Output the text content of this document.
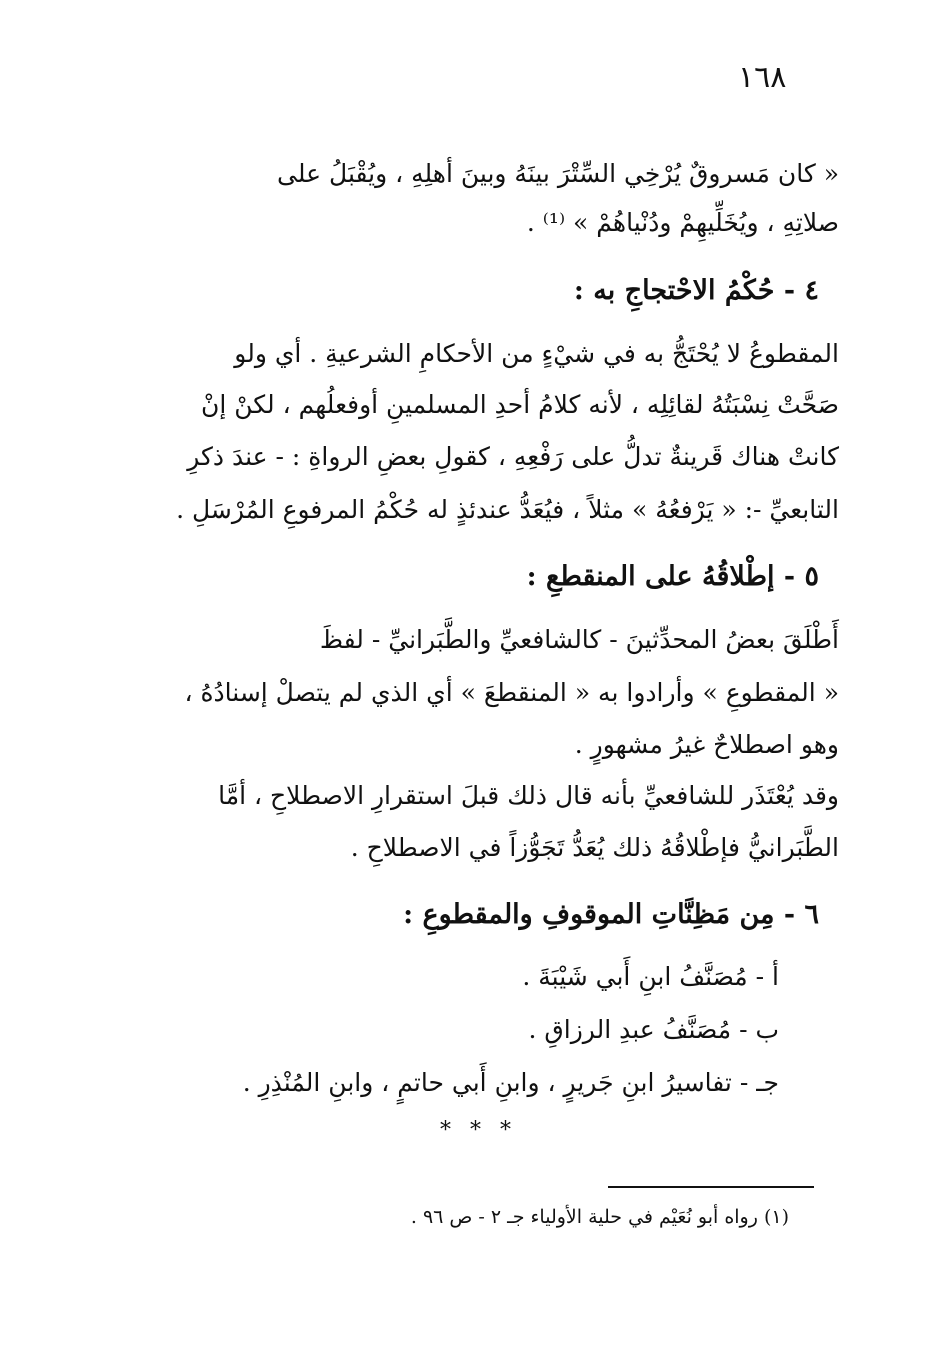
١٦٨
« كان مَسروقٌ يُرْخِي السِّتْرَ بينَهُ وبينَ أهلِهِ ، ويُقْبَلُ على
صلاتِهِ ، ويُخَلِّيهِمْ ودُنْياهُمْ » ⁽¹⁾ .
٤ - حُكْمُ الاحْتجاجِ به :
المقطوعُ لا يُحْتَجُّ به في شيْءٍ من الأحكامِ الشرعيةِ . أي ولو
صَحَّتْ نِسْبَتُهُ لقائِلِه ، لأنه كلامُ أحدِ المسلمينِ أوفعلُهم ، لكنْ إنْ
كانتْ هناك قَرينةٌ تدلُّ على رَفْعِهِ ، كقولِ بعضِ الرواةِ : - عندَ ذكرِ
التابعيِّ -: « يَرْفعُهُ » مثلاً ، فيُعَدُّ عندئذٍ له حُكْمُ المرفوعِ المُرْسَلِ .
٥ - إطْلاقُهُ على المنقطعِ :
أَطْلَقَ بعضُ المحدِّثينَ - كالشافعيِّ والطَّبَرانيِّ - لفظَ
« المقطوعِ » وأرادوا به « المنقطعَ » أي الذي لم يتصلْ إسنادُهُ ،
وهو اصطلاحٌ غيرُ مشهورٍ .
وقد يُعْتَذَر للشافعيِّ بأنه قال ذلك قبلَ استقرارِ الاصطلاحِ ، أمَّا
الطَّبَرانيُّ فإطْلاقُهُ ذلك يُعَدُّ تَجَوُّزاً في الاصطلاحِ .
٦ - مِن مَظِنَّاتِ الموقوفِ والمقطوعِ :
أ - مُصَنَّفُ ابنِ أَبي شَيْبَةَ .
ب - مُصَنَّفُ عبدِ الرزاقِ .
جـ - تفاسيرُ ابنِ جَريرٍ ، وابنِ أَبي حاتمٍ ، وابنِ المُنْذِرِ .
* * *
(١) رواه أبو نُعَيْم في حلية الأولياء جـ ٢ - ص ٩٦ .
